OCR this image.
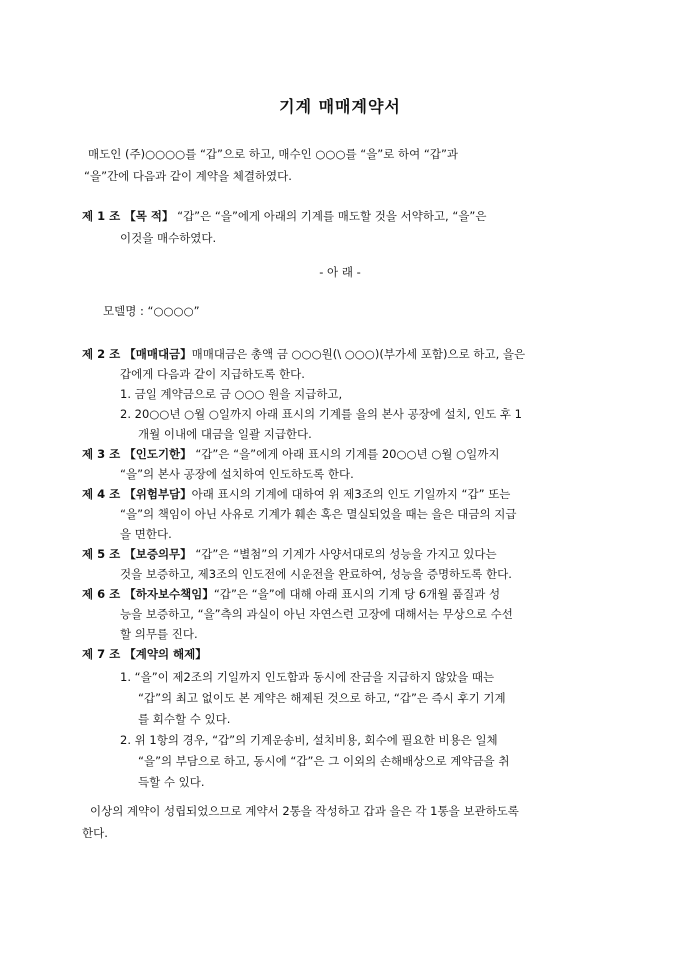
기계 매매계약서
매도인 (주)○○○○를 “갑”으로 하고, 매수인 ○○○를 “을”로 하여 “갑”과
“을”간에 다음과 같이 계약을 체결하였다.
제 1 조 【목 적】 “갑”은 “을”에게 아래의 기계를 매도할 것을 서약하고, “을”은
이것을 매수하였다.
- 아 래 -
모델명 : “○○○○”
제 2 조 【매매대금】매매대금은 총액 금 ○○○원(\ ○○○)(부가세 포함)으로 하고, 을은
갑에게 다음과 같이 지급하도록 한다.
1. 금일 계약금으로 금 ○○○ 원을 지급하고,
2. 20○○년 ○월 ○일까지 아래 표시의 기계를 을의 본사 공장에 설치, 인도 후 1
개월 이내에 대금을 일괄 지급한다.
제 3 조 【인도기한】 “갑”은 “을”에게 아래 표시의 기계를 20○○년 ○월 ○일까지
“을”의 본사 공장에 설치하여 인도하도록 한다.
제 4 조 【위험부담】아래 표시의 기계에 대하여 위 제3조의 인도 기일까지 “갑” 또는
“을”의 책임이 아닌 사유로 기계가 훼손 혹은 멸실되었을 때는 을은 대금의 지급
을 면한다.
제 5 조 【보증의무】 “갑”은 “별첨”의 기계가 사양서대로의 성능을 가지고 있다는
것을 보증하고, 제3조의 인도전에 시운전을 완료하여, 성능을 증명하도록 한다.
제 6 조 【하자보수책임】“갑”은 “을”에 대해 아래 표시의 기계 당 6개월 품질과 성
능을 보증하고, “을”측의 과실이 아닌 자연스런 고장에 대해서는 무상으로 수선
할 의무를 진다.
제 7 조 【계약의 해제】
1. “을”이 제2조의 기일까지 인도함과 동시에 잔금을 지급하지 않았을 때는
“갑”의 최고 없이도 본 계약은 해제된 것으로 하고, “갑”은 즉시 후기 기계
를 회수할 수 있다.
2. 위 1항의 경우, “갑”의 기계운송비, 설치비용, 회수에 필요한 비용은 일체
“을”의 부담으로 하고, 동시에 “갑”은 그 이외의 손해배상으로 계약금을 취
득할 수 있다.
이상의 계약이 성립되었으므로 계약서 2통을 작성하고 갑과 을은 각 1통을 보관하도록
한다.
